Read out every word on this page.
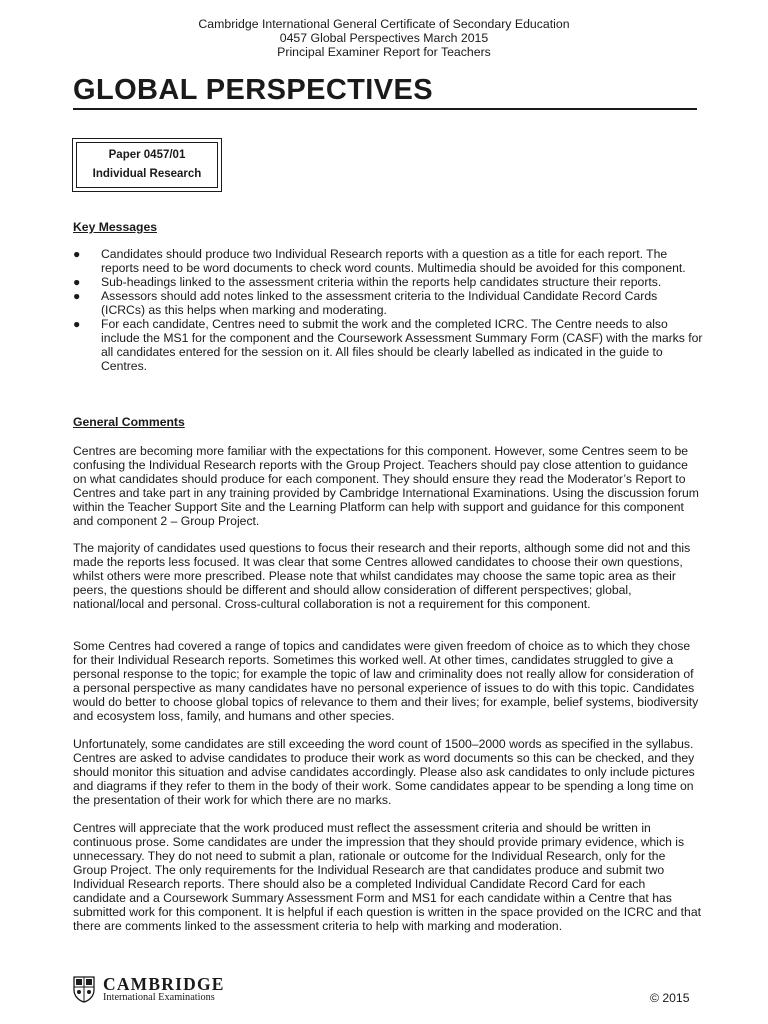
Cambridge International General Certificate of Secondary Education
0457 Global Perspectives March 2015
Principal Examiner Report for Teachers
GLOBAL PERSPECTIVES
Paper 0457/01
Individual Research
Key Messages
● Candidates should produce two Individual Research reports with a question as a title for each report. The reports need to be word documents to check word counts. Multimedia should be avoided for this component.
● Sub-headings linked to the assessment criteria within the reports help candidates structure their reports.
● Assessors should add notes linked to the assessment criteria to the Individual Candidate Record Cards (ICRCs) as this helps when marking and moderating.
● For each candidate, Centres need to submit the work and the completed ICRC. The Centre needs to also include the MS1 for the component and the Coursework Assessment Summary Form (CASF) with the marks for all candidates entered for the session on it. All files should be clearly labelled as indicated in the guide to Centres.
General Comments

Centres are becoming more familiar with the expectations for this component. However, some Centres seem to be confusing the Individual Research reports with the Group Project. Teachers should pay close attention to guidance on what candidates should produce for each component. They should ensure they read the Moderator’s Report to Centres and take part in any training provided by Cambridge International Examinations. Using the discussion forum within the Teacher Support Site and the Learning Platform can help with support and guidance for this component and component 2 – Group Project.

The majority of candidates used questions to focus their research and their reports, although some did not and this made the reports less focused. It was clear that some Centres allowed candidates to choose their own questions, whilst others were more prescribed. Please note that whilst candidates may choose the same topic area as their peers, the questions should be different and should allow consideration of different perspectives; global, national/local and personal. Cross-cultural collaboration is not a requirement for this component.

Some Centres had covered a range of topics and candidates were given freedom of choice as to which they chose for their Individual Research reports. Sometimes this worked well. At other times, candidates struggled to give a personal response to the topic; for example the topic of law and criminality does not really allow for consideration of a personal perspective as many candidates have no personal experience of issues to do with this topic. Candidates would do better to choose global topics of relevance to them and their lives; for example, belief systems, biodiversity and ecosystem loss, family, and humans and other species.

Unfortunately, some candidates are still exceeding the word count of 1500–2000 words as specified in the syllabus. Centres are asked to advise candidates to produce their work as word documents so this can be checked, and they should monitor this situation and advise candidates accordingly. Please also ask candidates to only include pictures and diagrams if they refer to them in the body of their work. Some candidates appear to be spending a long time on the presentation of their work for which there are no marks.

Centres will appreciate that the work produced must reflect the assessment criteria and should be written in continuous prose. Some candidates are under the impression that they should provide primary evidence, which is unnecessary. They do not need to submit a plan, rationale or outcome for the Individual Research, only for the Group Project. The only requirements for the Individual Research are that candidates produce and submit two Individual Research reports. There should also be a completed Individual Candidate Record Card for each candidate and a Coursework Summary Assessment Form and MS1 for each candidate within a Centre that has submitted work for this component. It is helpful if each question is written in the space provided on the ICRC and that there are comments linked to the assessment criteria to help with marking and moderation.

CAMBRIDGE
International Examinations	© 2015
